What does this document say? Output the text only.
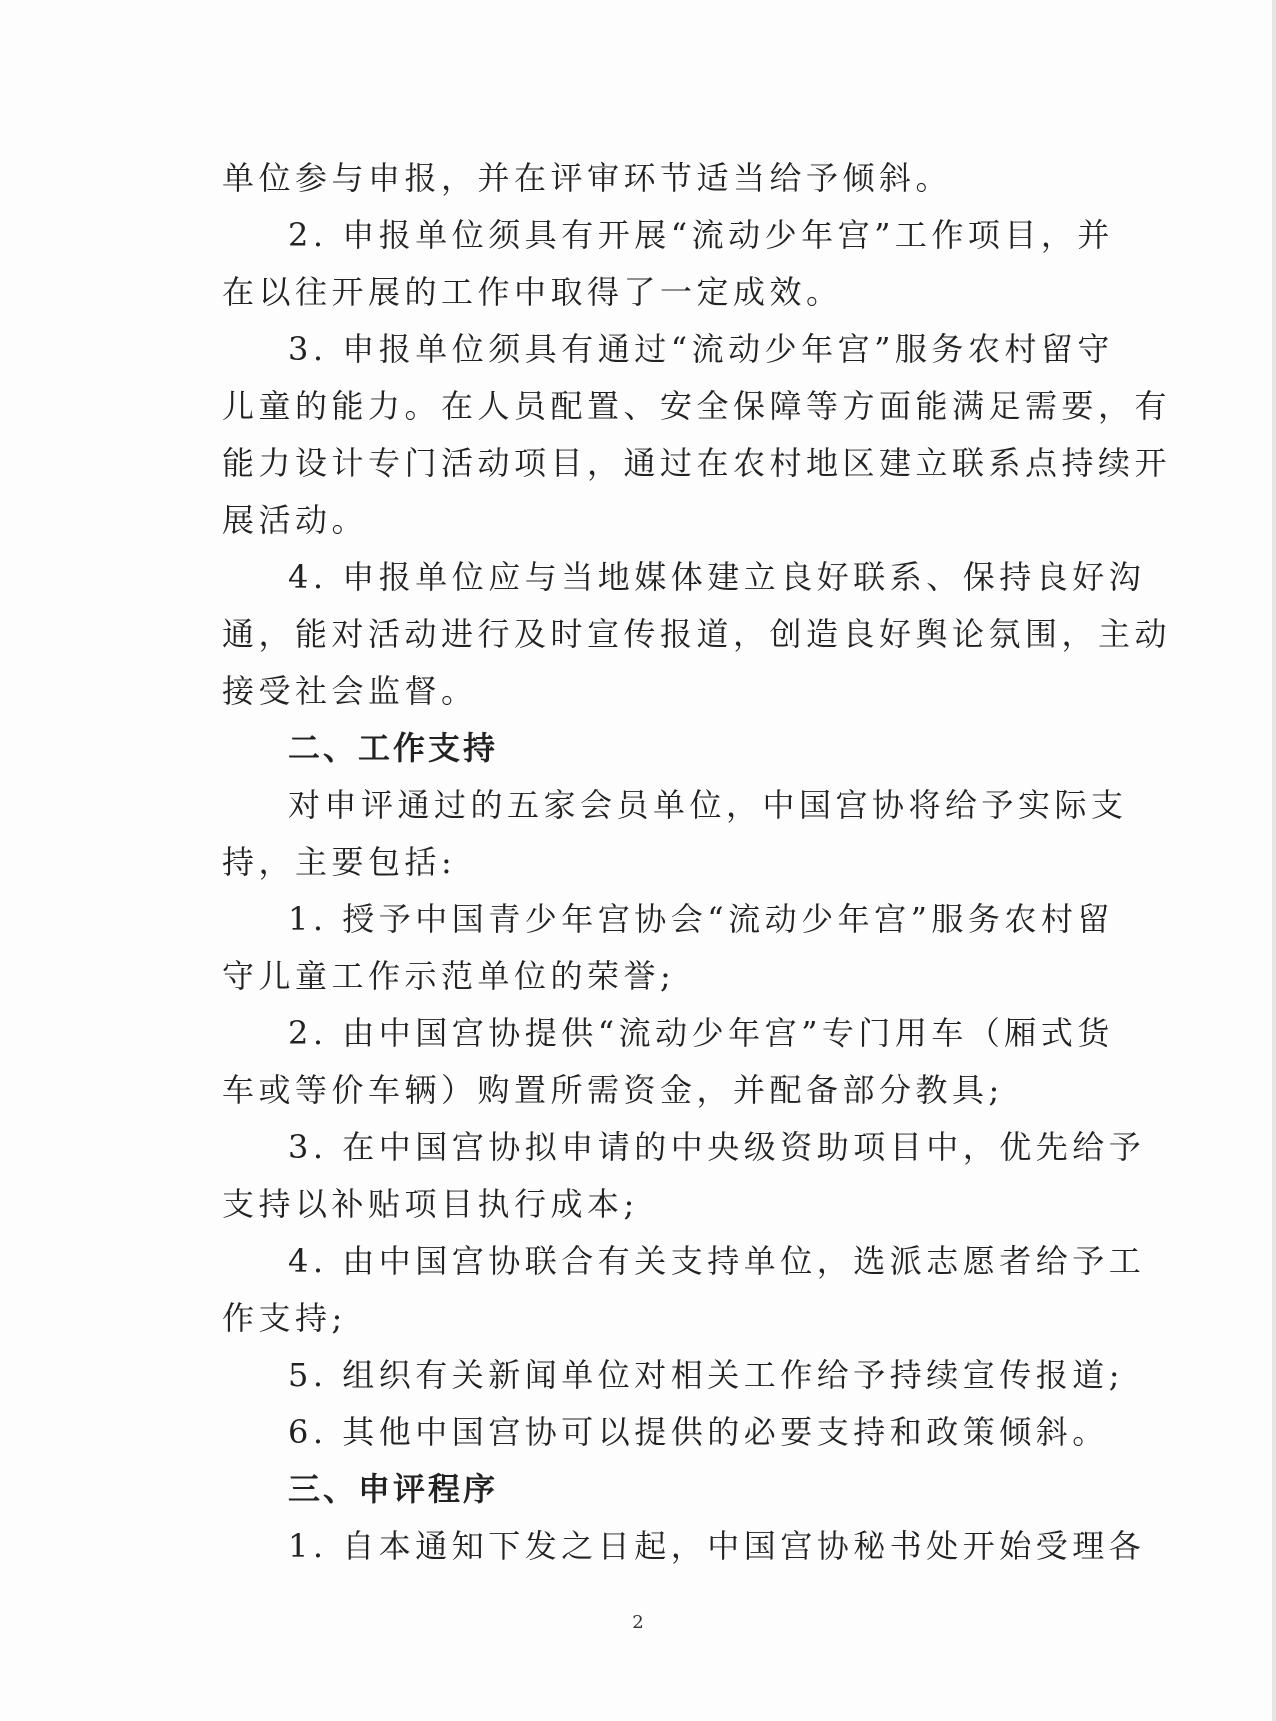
单位参与申报，并在评审环节适当给予倾斜。
2. 申报单位须具有开展“流动少年宫”工作项目，并
在以往开展的工作中取得了一定成效。
3. 申报单位须具有通过“流动少年宫”服务农村留守
儿童的能力。在人员配置、安全保障等方面能满足需要，有
能力设计专门活动项目，通过在农村地区建立联系点持续开
展活动。
4. 申报单位应与当地媒体建立良好联系、保持良好沟
通，能对活动进行及时宣传报道，创造良好舆论氛围，主动
接受社会监督。
二、工作支持
对申评通过的五家会员单位，中国宫协将给予实际支
持，主要包括:
1. 授予中国青少年宫协会“流动少年宫”服务农村留
守儿童工作示范单位的荣誉;
2. 由中国宫协提供“流动少年宫”专门用车（厢式货
车或等价车辆）购置所需资金，并配备部分教具;
3. 在中国宫协拟申请的中央级资助项目中，优先给予
支持以补贴项目执行成本;
4. 由中国宫协联合有关支持单位，选派志愿者给予工
作支持;
5. 组织有关新闻单位对相关工作给予持续宣传报道;
6. 其他中国宫协可以提供的必要支持和政策倾斜。
三、申评程序
1. 自本通知下发之日起，中国宫协秘书处开始受理各
2
